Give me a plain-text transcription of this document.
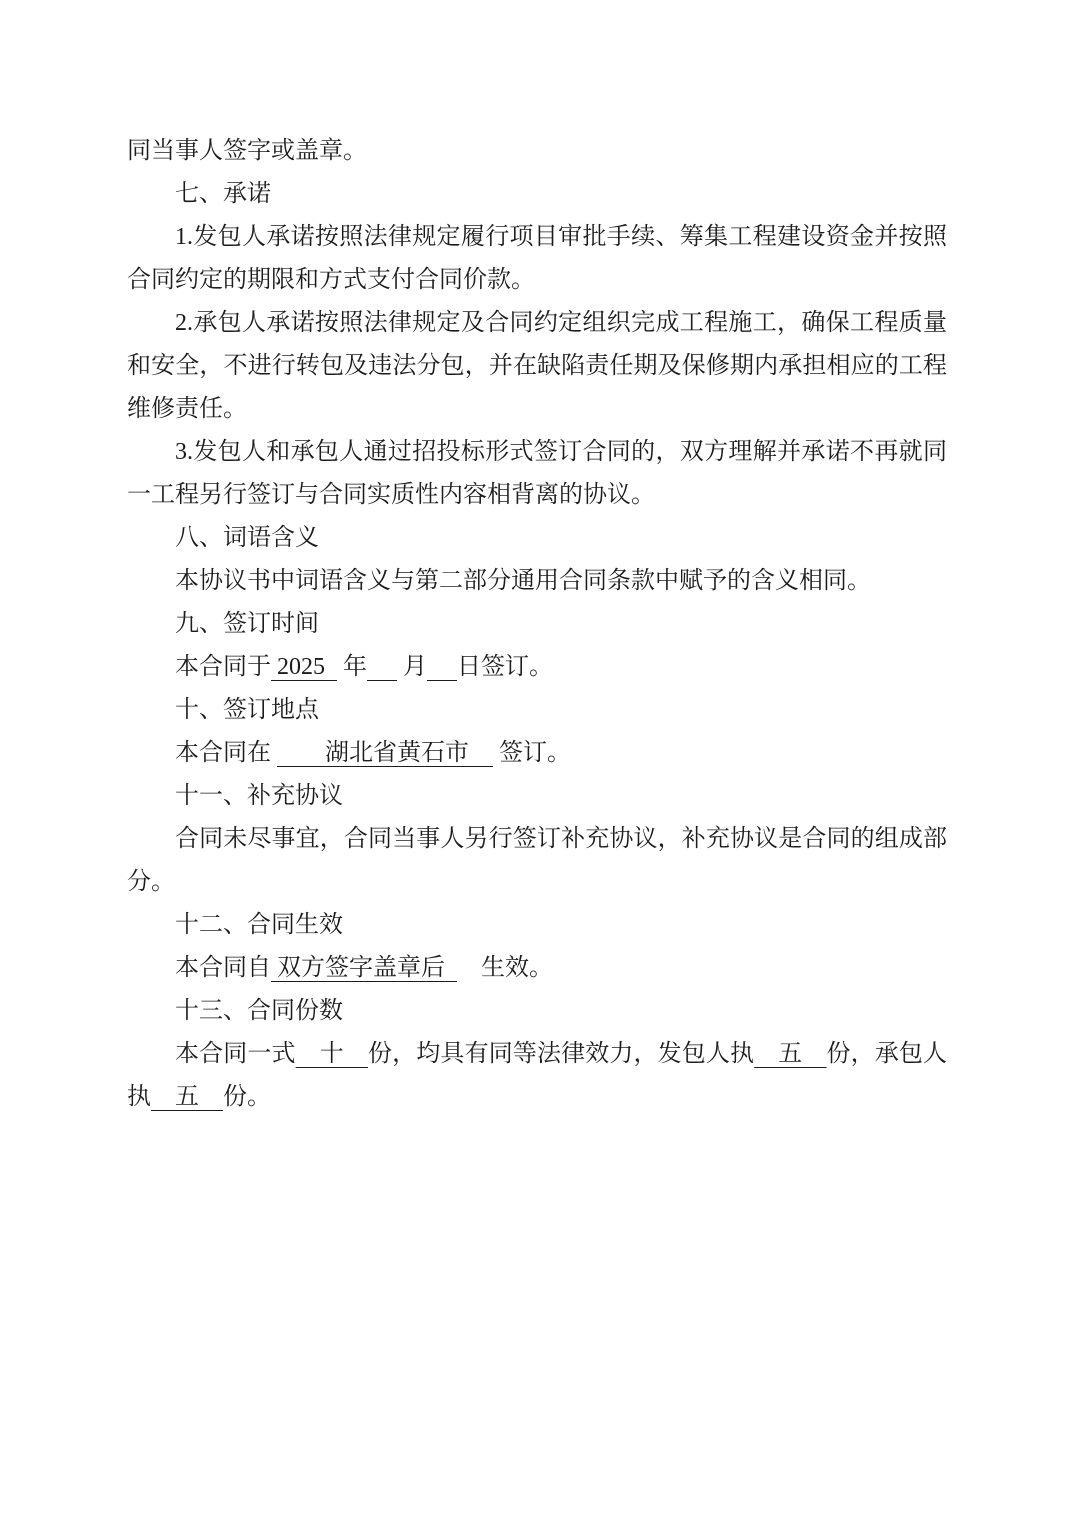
同当事人签字或盖章。

七、承诺

1.发包人承诺按照法律规定履行项目审批手续、筹集工程建设资金并按照合同约定的期限和方式支付合同价款。

2.承包人承诺按照法律规定及合同约定组织完成工程施工，确保工程质量和安全，不进行转包及违法分包，并在缺陷责任期及保修期内承担相应的工程维修责任。

3.发包人和承包人通过招投标形式签订合同的，双方理解并承诺不再就同一工程另行签订与合同实质性内容相背离的协议。

八、词语含义

本协议书中词语含义与第二部分通用合同条款中赋予的含义相同。

九、签订时间

本合同于 2025   年　  月　 日签订。

十、签订地点

本合同在 　　湖北省黄石市　 签订。

十一、补充协议

合同未尽事宜，合同当事人另行签订补充协议，补充协议是合同的组成部分。

十二、合同生效

本合同自 双方签字盖章后  　生效。

十三、合同份数

本合同一式　十　份，均具有同等法律效力，发包人执　五　份，承包人执　五　份。
